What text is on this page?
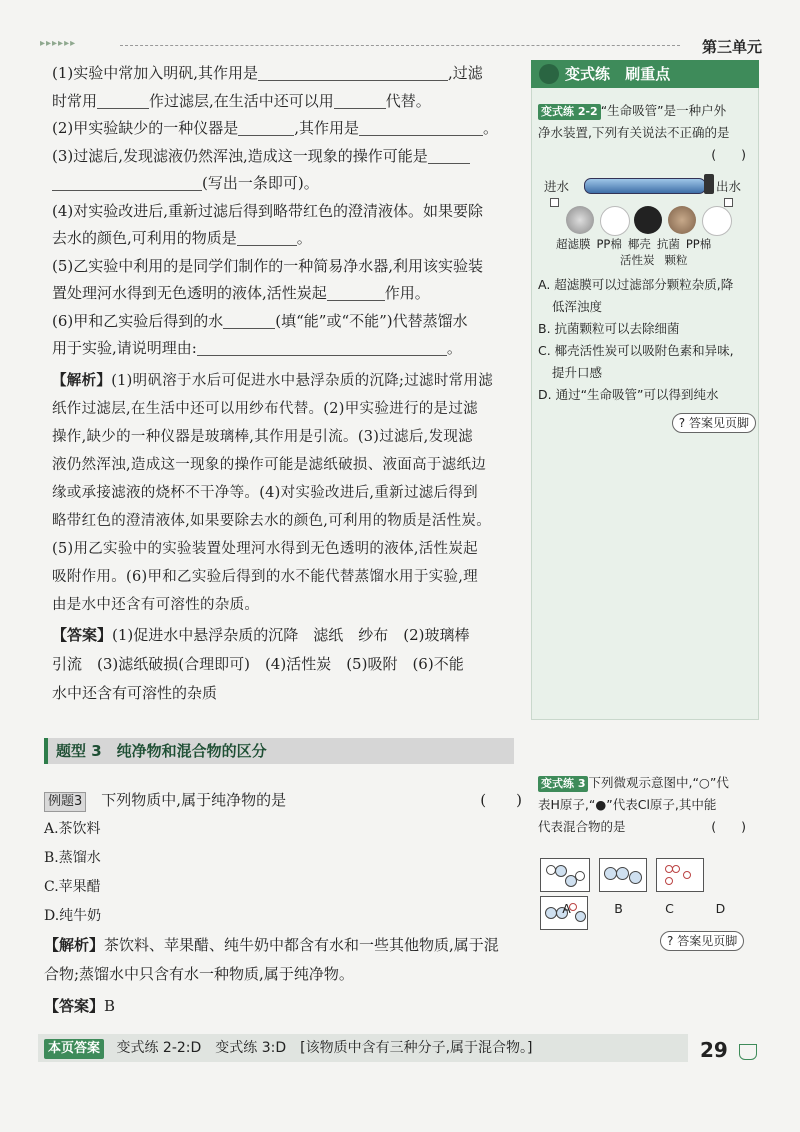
▸▸▸▸▸▸	第三单元

(1)实验中常加入明矾,其作用是	,过滤

时常用	作过滤层,在生活中还可以用	代替。

(2)甲实验缺少的一种仪器是	,其作用是	。

(3)过滤后,发现滤液仍然浑浊,造成这一现象的操作可能是

(写出一条即可)。

(4)对实验改进后,重新过滤后得到略带红色的澄清液体。如果要除

去水的颜色,可利用的物质是	。

(5)乙实验中利用的是同学们制作的一种简易净水器,利用该实验装

置处理河水得到无色透明的液体,活性炭起	作用。

(6)甲和乙实验后得到的水	(填“能”或“不能”)代替蒸馏水

用于实验,请说明理由:	。

【解析】(1)明矾溶于水后可促进水中悬浮杂质的沉降;过滤时常用滤
纸作过滤层,在生活中还可以用纱布代替。(2)甲实验进行的是过滤
操作,缺少的一种仪器是玻璃棒,其作用是引流。(3)过滤后,发现滤
液仍然浑浊,造成这一现象的操作可能是滤纸破损、液面高于滤纸边
缘或承接滤液的烧杯不干净等。(4)对实验改进后,重新过滤后得到
略带红色的澄清液体,如果要除去水的颜色,可利用的物质是活性炭。
(5)用乙实验中的实验装置处理河水得到无色透明的液体,活性炭起
吸附作用。(6)甲和乙实验后得到的水不能代替蒸馏水用于实验,理
由是水中还含有可溶性的杂质。
【答案】(1)促进水中悬浮杂质的沉降　滤纸　纱布　(2)玻璃棒
引流　(3)滤纸破损(合理即可)　(4)活性炭　(5)吸附　(6)不能
水中还含有可溶性的杂质
题型 3　纯净物和混合物的区分
例题3　 下列物质中,属于纯净物的是	(　　)
A.茶饮料
B.蒸馏水
C.苹果醋
D.纯牛奶
【解析】茶饮料、苹果醋、纯牛奶中都含有水和一些其他物质,属于混
合物;蒸馏水中只含有水一种物质,属于纯净物。
【答案】B
变式练 刷重点
变式练 2-2 “生命吸管”是一种户外
净水装置,下列有关说法不正确的是
(　　)
进水	出水
超滤膜 PP棉 椰壳 抗菌 PP棉
活性炭 颗粒
A. 超滤膜可以过滤部分颗粒杂质,降
低浑浊度
B. 抗菌颗粒可以去除细菌
C. 椰壳活性炭可以吸附色素和异味,
提升口感
D. 通过“生命吸管”可以得到纯水
? 答案见页脚
变式练 3 下列微观示意图中,“○”代
表H原子,“●”代表Cl原子,其中能
代表混合物的是	(　　)

A	B	C	D
? 答案见页脚
本页答案 变式练 2-2:D　变式练 3:D　[该物质中含有三种分子,属于混合物。]	29
